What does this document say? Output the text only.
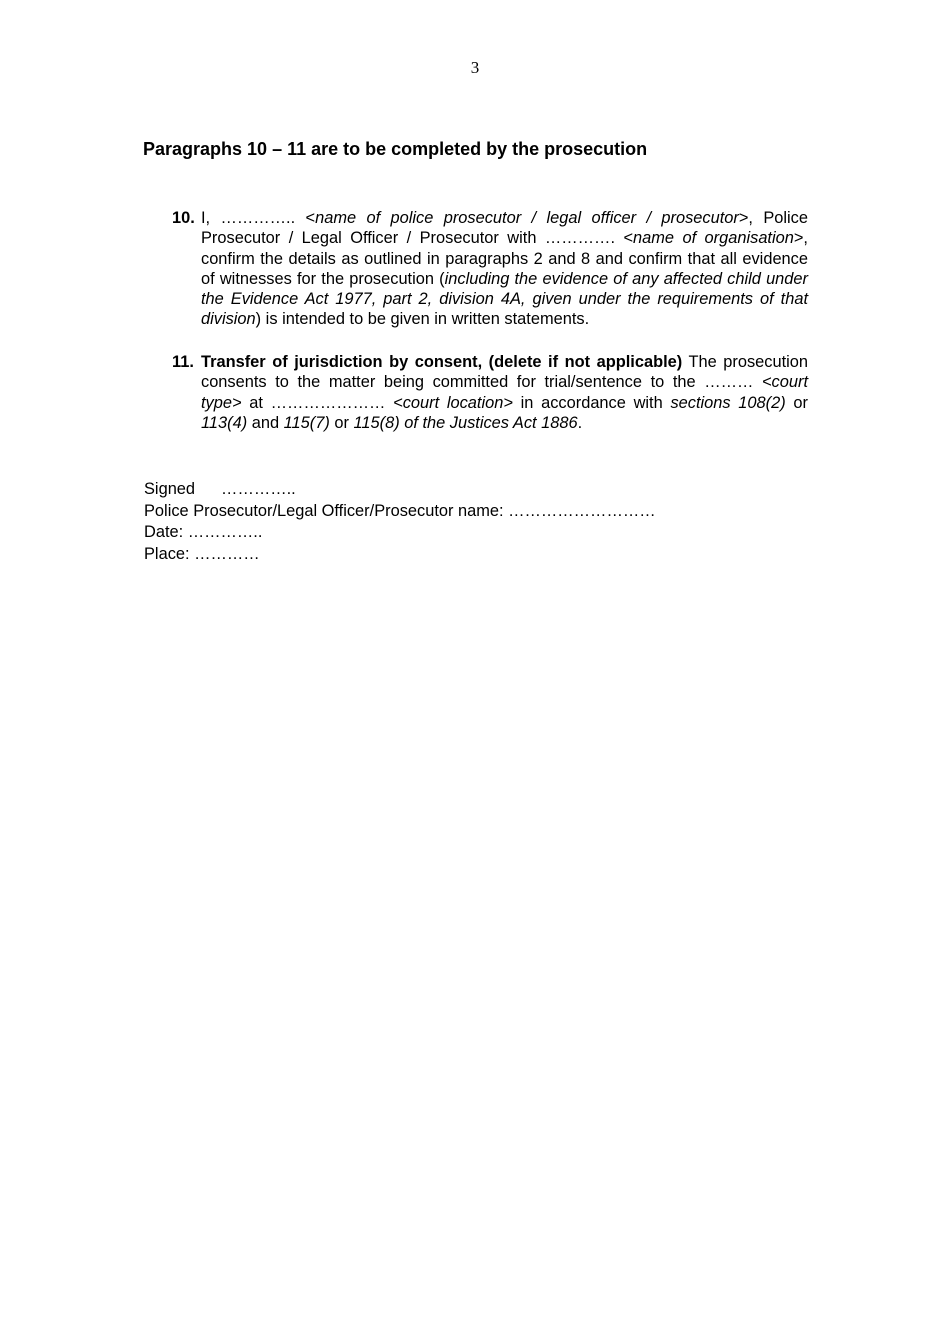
3
Paragraphs 10 – 11 are to be completed by the prosecution
10. I, ………….. <name of police prosecutor / legal officer / prosecutor>, Police Prosecutor / Legal Officer / Prosecutor with …………. <name of organisation>, confirm the details as outlined in paragraphs 2 and 8 and confirm that all evidence of witnesses for the prosecution (including the evidence of any affected child under the Evidence Act 1977, part 2, division 4A, given under the requirements of that division) is intended to be given in written statements.
11. Transfer of jurisdiction by consent, (delete if not applicable) The prosecution consents to the matter being committed for trial/sentence to the ……… <court type> at ………………… <court location> in accordance with sections 108(2) or 113(4) and 115(7) or 115(8) of the Justices Act 1886.
Signed …………..
Police Prosecutor/Legal Officer/Prosecutor name: ………………………
Date: …………..
Place: …………
